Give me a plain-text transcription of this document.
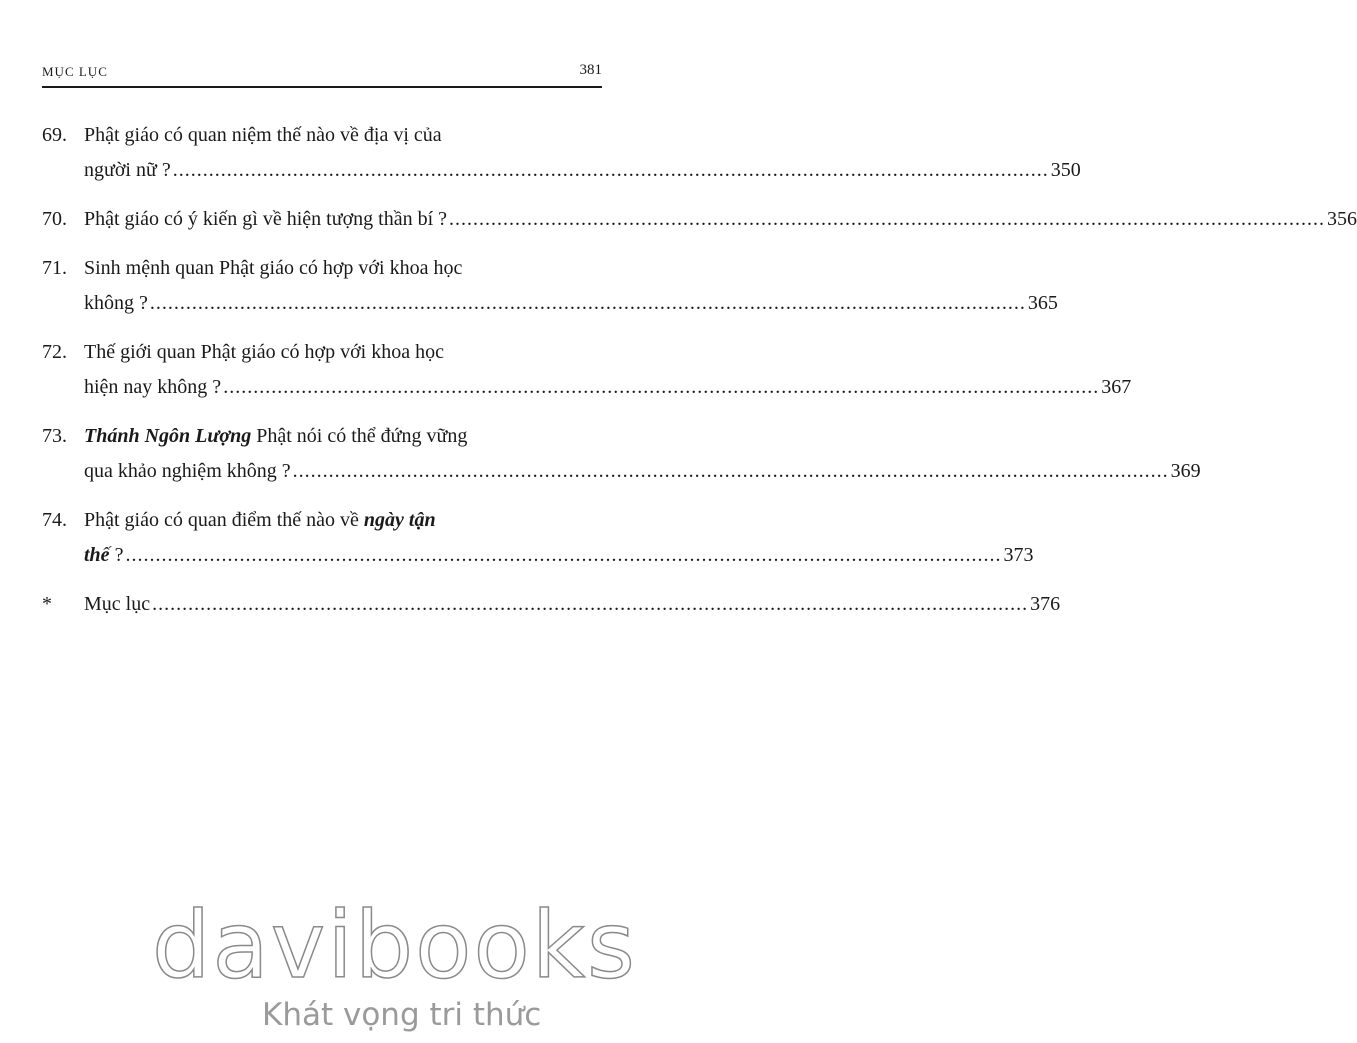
MỤC LỤC	381
69. Phật giáo có quan niệm thế nào về địa vị của
người nữ ? .................................................................................................................................................. 350
70. Phật giáo có ý kiến gì về hiện tượng thần bí ? .................................................................................................................................................. 356
71. Sinh mệnh quan Phật giáo có hợp với khoa học
không ? .................................................................................................................................................. 365
72. Thế giới quan Phật giáo có hợp với khoa học
hiện nay không ? .................................................................................................................................................. 367
73. Thánh Ngôn Lượng Phật nói có thể đứng vững
qua khảo nghiệm không ? .................................................................................................................................................. 369
74. Phật giáo có quan điểm thế nào về ngày tận
thế ? .................................................................................................................................................. 373
* Mục lục .................................................................................................................................................. 376
davibooks
Khát vọng tri thức
